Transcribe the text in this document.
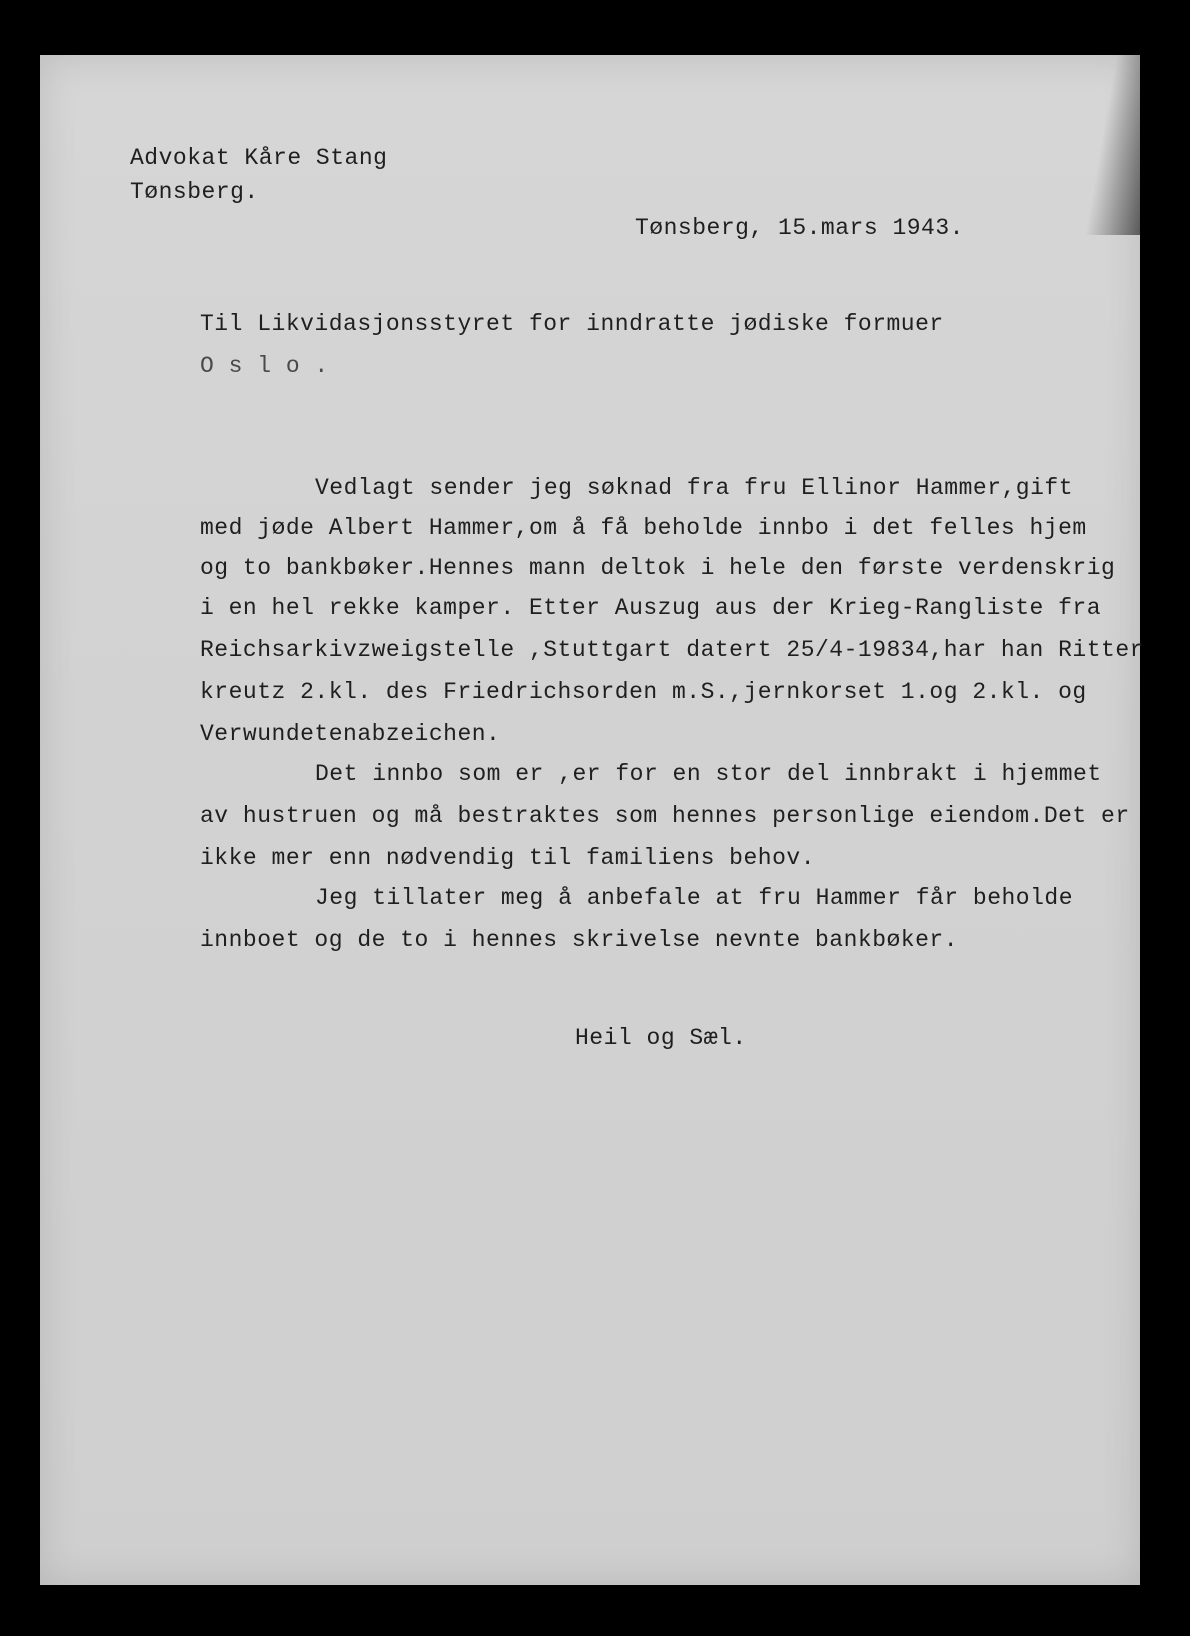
Advokat Kåre Stang
Tønsberg.
Tønsberg, 15.mars 1943.
Til Likvidasjonsstyret for inndratte jødiske formuer
O s l o .
Vedlagt sender jeg søknad fra fru Ellinor Hammer,gift
med jøde Albert Hammer,om å få beholde innbo i det felles hjem
og to bankbøker.Hennes mann deltok i hele den første verdenskrig
i en hel rekke kamper. Etter Auszug aus der Krieg-Rangliste fra
Reichsarkivzweigstelle ,Stuttgart datert 25/4-19834,har han Ritter
kreutz 2.kl. des Friedrichsorden m.S.,jernkorset 1.og 2.kl. og
Verwundetenabzeichen.
Det innbo som er ,er for en stor del innbrakt i hjemmet
av hustruen og må bestraktes som hennes personlige eiendom.Det er
ikke mer enn nødvendig til familiens behov.
Jeg tillater meg å anbefale at fru Hammer får beholde
innboet og de to i hennes skrivelse nevnte bankbøker.
Heil og Sæl.
